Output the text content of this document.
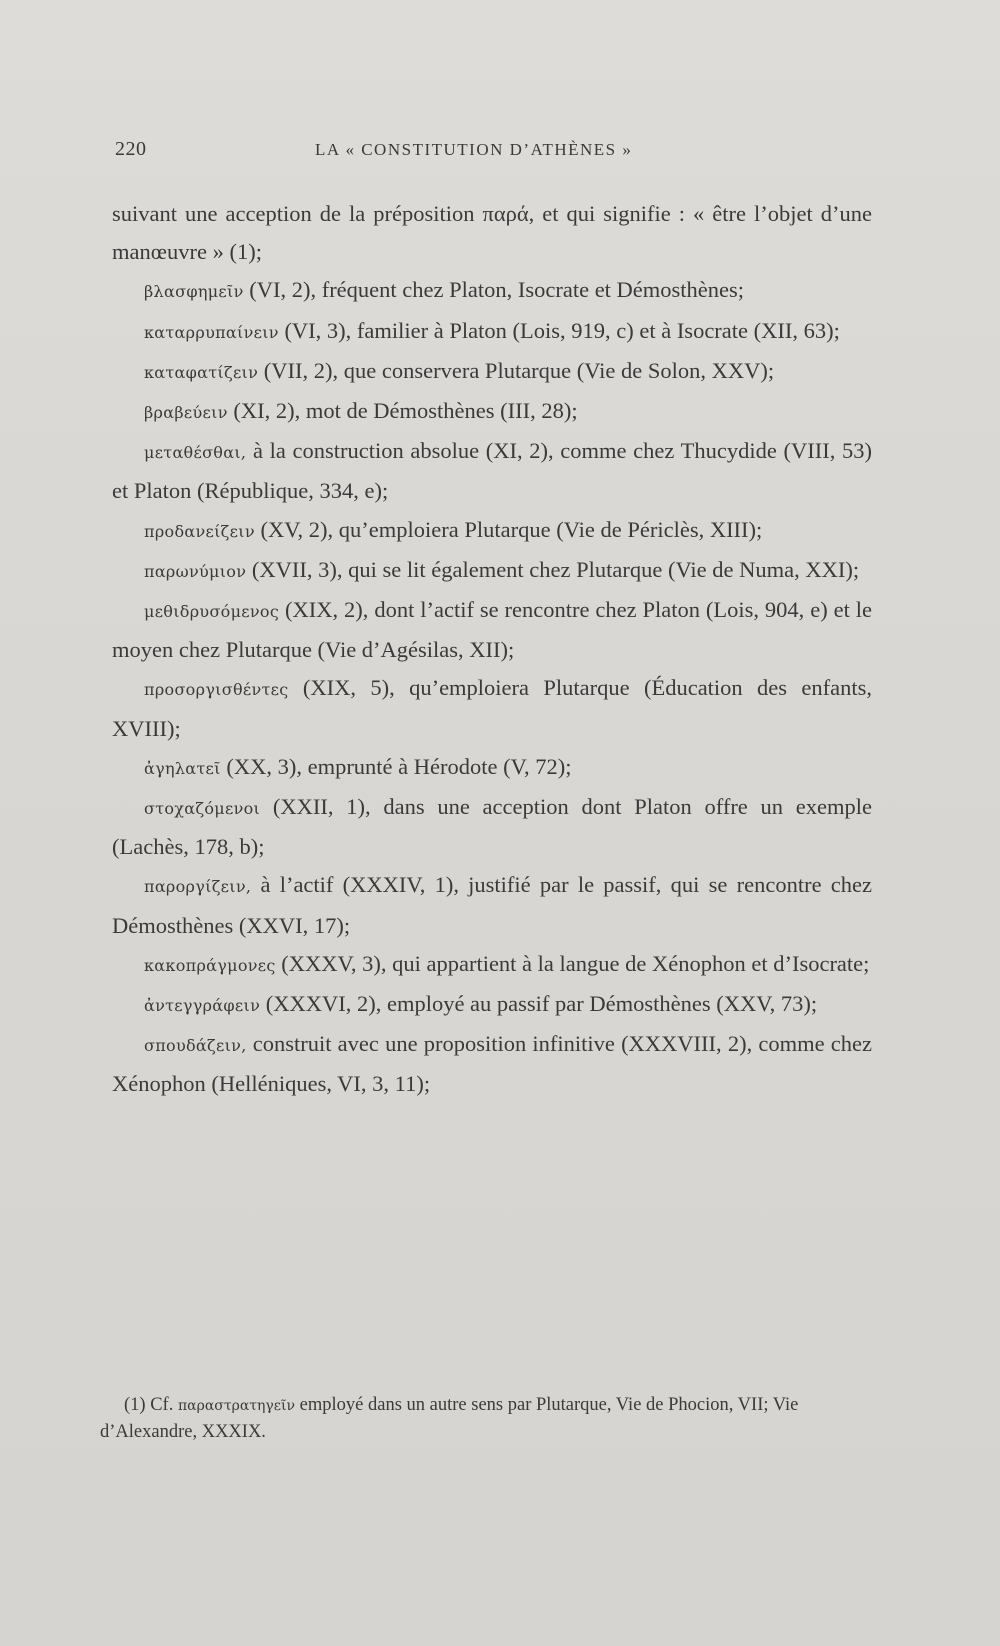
220	LA « CONSTITUTION D’ATHÈNES »

suivant une acception de la préposition παρά, et qui signifie : « être l’objet d’une manœuvre » (1);

βλασφημεῖν (VI, 2), fréquent chez Platon, Isocrate et Démosthènes;

καταρρυπαίνειν (VI, 3), familier à Platon (Lois, 919, c) et à Isocrate (XII, 63);

καταφατίζειν (VII, 2), que conservera Plutarque (Vie de Solon, XXV);

βραβεύειν (XI, 2), mot de Démosthènes (III, 28);

μεταθέσθαι, à la construction absolue (XI, 2), comme chez Thucydide (VIII, 53) et Platon (République, 334, e);

προδανείζειν (XV, 2), qu’emploiera Plutarque (Vie de Périclès, XIII);

παρωνύμιον (XVII, 3), qui se lit également chez Plutarque (Vie de Numa, XXI);

μεθιδρυσόμενος (XIX, 2), dont l’actif se rencontre chez Platon (Lois, 904, e) et le moyen chez Plutarque (Vie d’Agésilas, XII);

προσοργισθέντες (XIX, 5), qu’emploiera Plutarque (Éducation des enfants, XVIII);

ἀγηλατεῖ (XX, 3), emprunté à Hérodote (V, 72);

στοχαζόμενοι (XXII, 1), dans une acception dont Platon offre un exemple (Lachès, 178, b);

παροργίζειν, à l’actif (XXXIV, 1), justifié par le passif, qui se rencontre chez Démosthènes (XXVI, 17);

κακοπράγμονες (XXXV, 3), qui appartient à la langue de Xénophon et d’Isocrate;

ἀντεγγράφειν (XXXVI, 2), employé au passif par Démosthènes (XXV, 73);

σπουδάζειν, construit avec une proposition infinitive (XXXVIII, 2), comme chez Xénophon (Helléniques, VI, 3, 11);

(1) Cf. παραστρατηγεῖν employé dans un autre sens par Plutarque, Vie de Phocion, VII; Vie d’Alexandre, XXXIX.
